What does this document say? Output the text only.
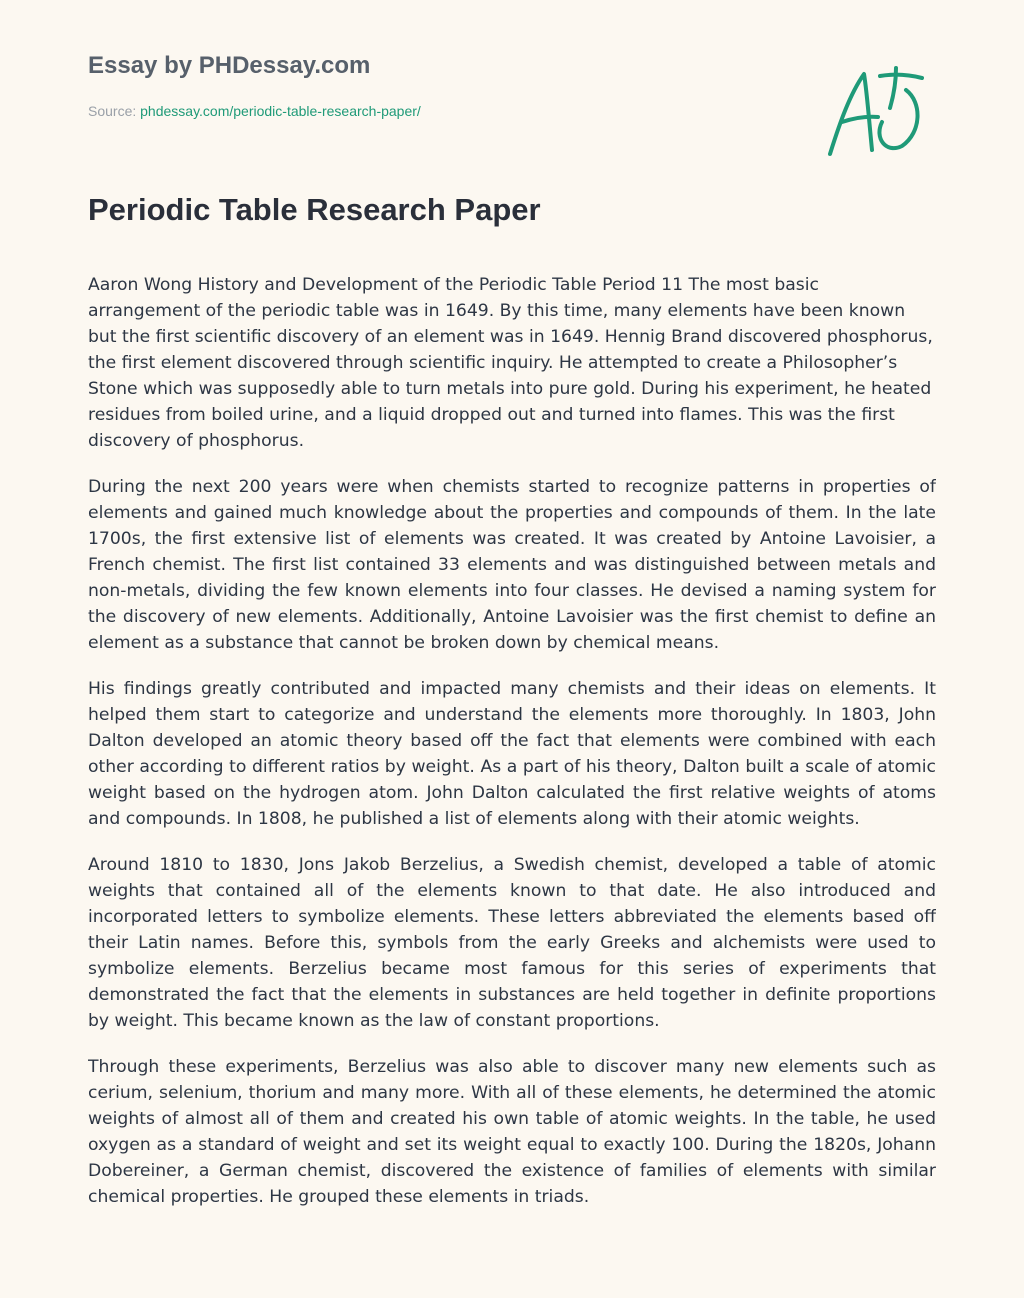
Essay by PHDessay.com
Source: phdessay.com/periodic-table-research-paper/
Periodic Table Research Paper

Aaron Wong History and Development of the Periodic Table Period 11 The most basic arrangement of the periodic table was in 1649. By this time, many elements have been known but the first scientific discovery of an element was in 1649. Hennig Brand discovered phosphorus, the first element discovered through scientific inquiry. He attempted to create a Philosopher’s Stone which was supposedly able to turn metals into pure gold. During his experiment, he heated residues from boiled urine, and a liquid dropped out and turned into flames. This was the first discovery of phosphorus.

During the next 200 years were when chemists started to recognize patterns in properties of elements and gained much knowledge about the properties and compounds of them. In the late 1700s, the first extensive list of elements was created. It was created by Antoine Lavoisier, a French chemist. The first list contained 33 elements and was distinguished between metals and non-metals, dividing the few known elements into four classes. He devised a naming system for the discovery of new elements. Additionally, Antoine Lavoisier was the first chemist to define an element as a substance that cannot be broken down by chemical means.

His findings greatly contributed and impacted many chemists and their ideas on elements. It helped them start to categorize and understand the elements more thoroughly. In 1803, John Dalton developed an atomic theory based off the fact that elements were combined with each other according to different ratios by weight. As a part of his theory, Dalton built a scale of atomic weight based on the hydrogen atom. John Dalton calculated the first relative weights of atoms and compounds. In 1808, he published a list of elements along with their atomic weights.

Around 1810 to 1830, Jons Jakob Berzelius, a Swedish chemist, developed a table of atomic weights that contained all of the elements known to that date. He also introduced and incorporated letters to symbolize elements. These letters abbreviated the elements based off their Latin names. Before this, symbols from the early Greeks and alchemists were used to symbolize elements. Berzelius became most famous for this series of experiments that demonstrated the fact that the elements in substances are held together in definite proportions by weight. This became known as the law of constant proportions.

Through these experiments, Berzelius was also able to discover many new elements such as cerium, selenium, thorium and many more. With all of these elements, he determined the atomic weights of almost all of them and created his own table of atomic weights. In the table, he used oxygen as a standard of weight and set its weight equal to exactly 100. During the 1820s, Johann Dobereiner, a German chemist, discovered the existence of families of elements with similar chemical properties. He grouped these elements in triads.
